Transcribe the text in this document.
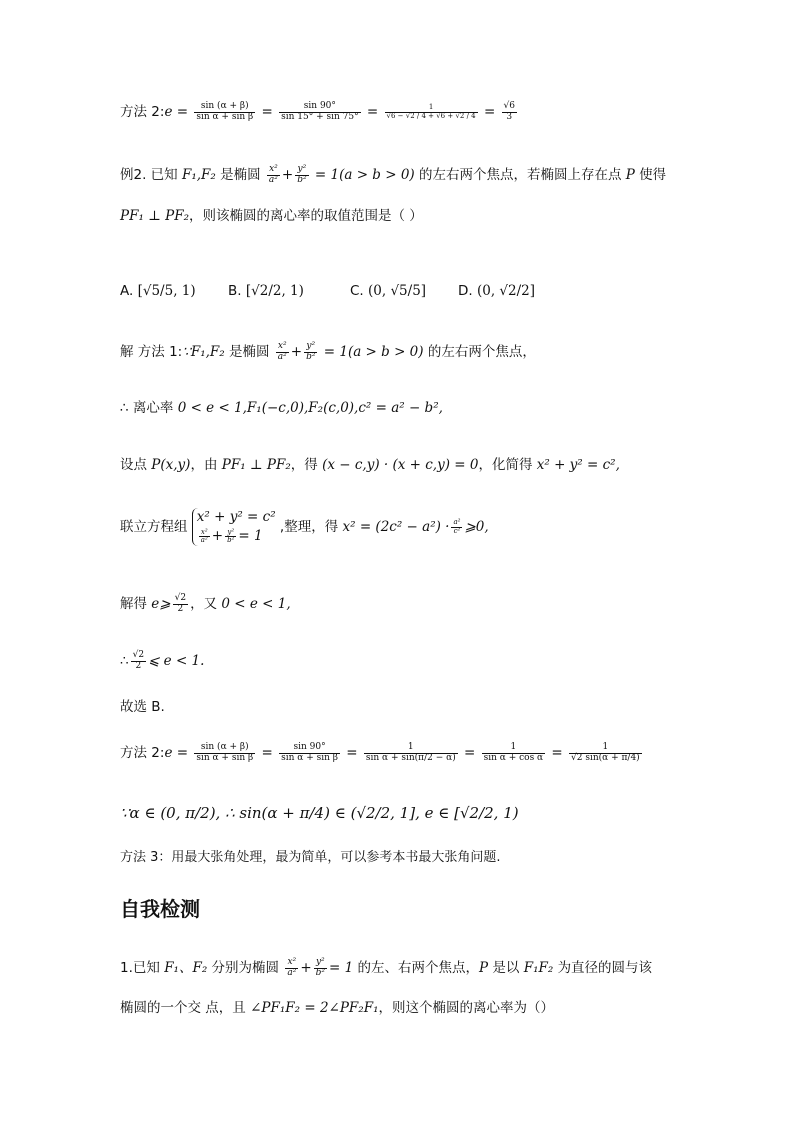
方法 2:e = $\frac{\sin (\alpha + \beta)}{\text{sin α + sin β}} = \frac{\sin 90^\circ}{\sin 15^\circ + \sin 75^\circ} = \frac{1}{√6 - √2 / 4 + √6 + √2 / 4} = \frac{√6}{3}$
例2. 已知 F₁,F₂ 是椭圆 $\frac{\text{x²}}{\text{a²}} + \frac{\text{y²}}{\text{b²}} = 1(a > b > 0)$ 的左右两个焦点，若椭圆上存在点 P 使得
PF₁ ⊥ PF₂，则该椭圆的离心率的取值范围是（ ）
A. [√5/5, 1) B. [√2/2, 1)	C. (0, √5/5] D. (0, √2/2]
解 方法 1:∵F₁,F₂ 是椭圆 $\frac{\text{x²}}{\text{a²}} + \frac{\text{y²}}{\text{b²}} = 1(a > b > 0)$ 的左右两个焦点，
∴ 离心率 0 < e < 1,F₁(−c,0),F₂(c,0),c² = a² − b²,
设点 P(x,y)，由 PF₁ ⊥ PF₂，得 (x − c,y) · (x + c,y) = 0，化简得 x² + y² = c²,
联立方程组
x² + y² = c²
$\frac{\text{x²}}{\text{a²}} + \frac{\text{y²}}{\text{b²}} = 1$
,整理，得 $x^2 = (2c^2 - a^2) \cdot \frac{\text{a²}}{\text{c²}}$ ⩾0,
解得 e⩾ $\frac{√2}{2}$ ，又 0 < e < 1,
∴ $\frac{√2}{2}$ ⩽ e < 1.
故选 B.
方法 2:e = $\frac{\sin (\alpha + \beta)}{\text{sin α + sin β}} = \frac{\sin 90^\circ}{\text{sin α + sin β}} = \frac{1}{\text{sin α + sin(π/2 − α)}} = \frac{1}{\text{sin α + cos α}} = \frac{1}{√2 \sin(\alpha + \pi/4)}$
∵α ∈ (0, π/2), ∴ sin(α + π/4) ∈ (√2/2, 1], e ∈ [√2/2, 1)
方法 3：用最大张角处理，最为简单，可以参考本书最大张角问题.
自我检测
1.已知 F₁、F₂ 分别为椭圆 $\frac{\text{x²}}{\text{a²}} + \frac{\text{y²}}{\text{b²}} = 1$ 的左、右两个焦点，P 是以 F₁F₂ 为直径的圆与该
椭圆的一个交 点，且 ∠PF₁F₂ = 2∠PF₂F₁，则这个椭圆的离心率为（）
